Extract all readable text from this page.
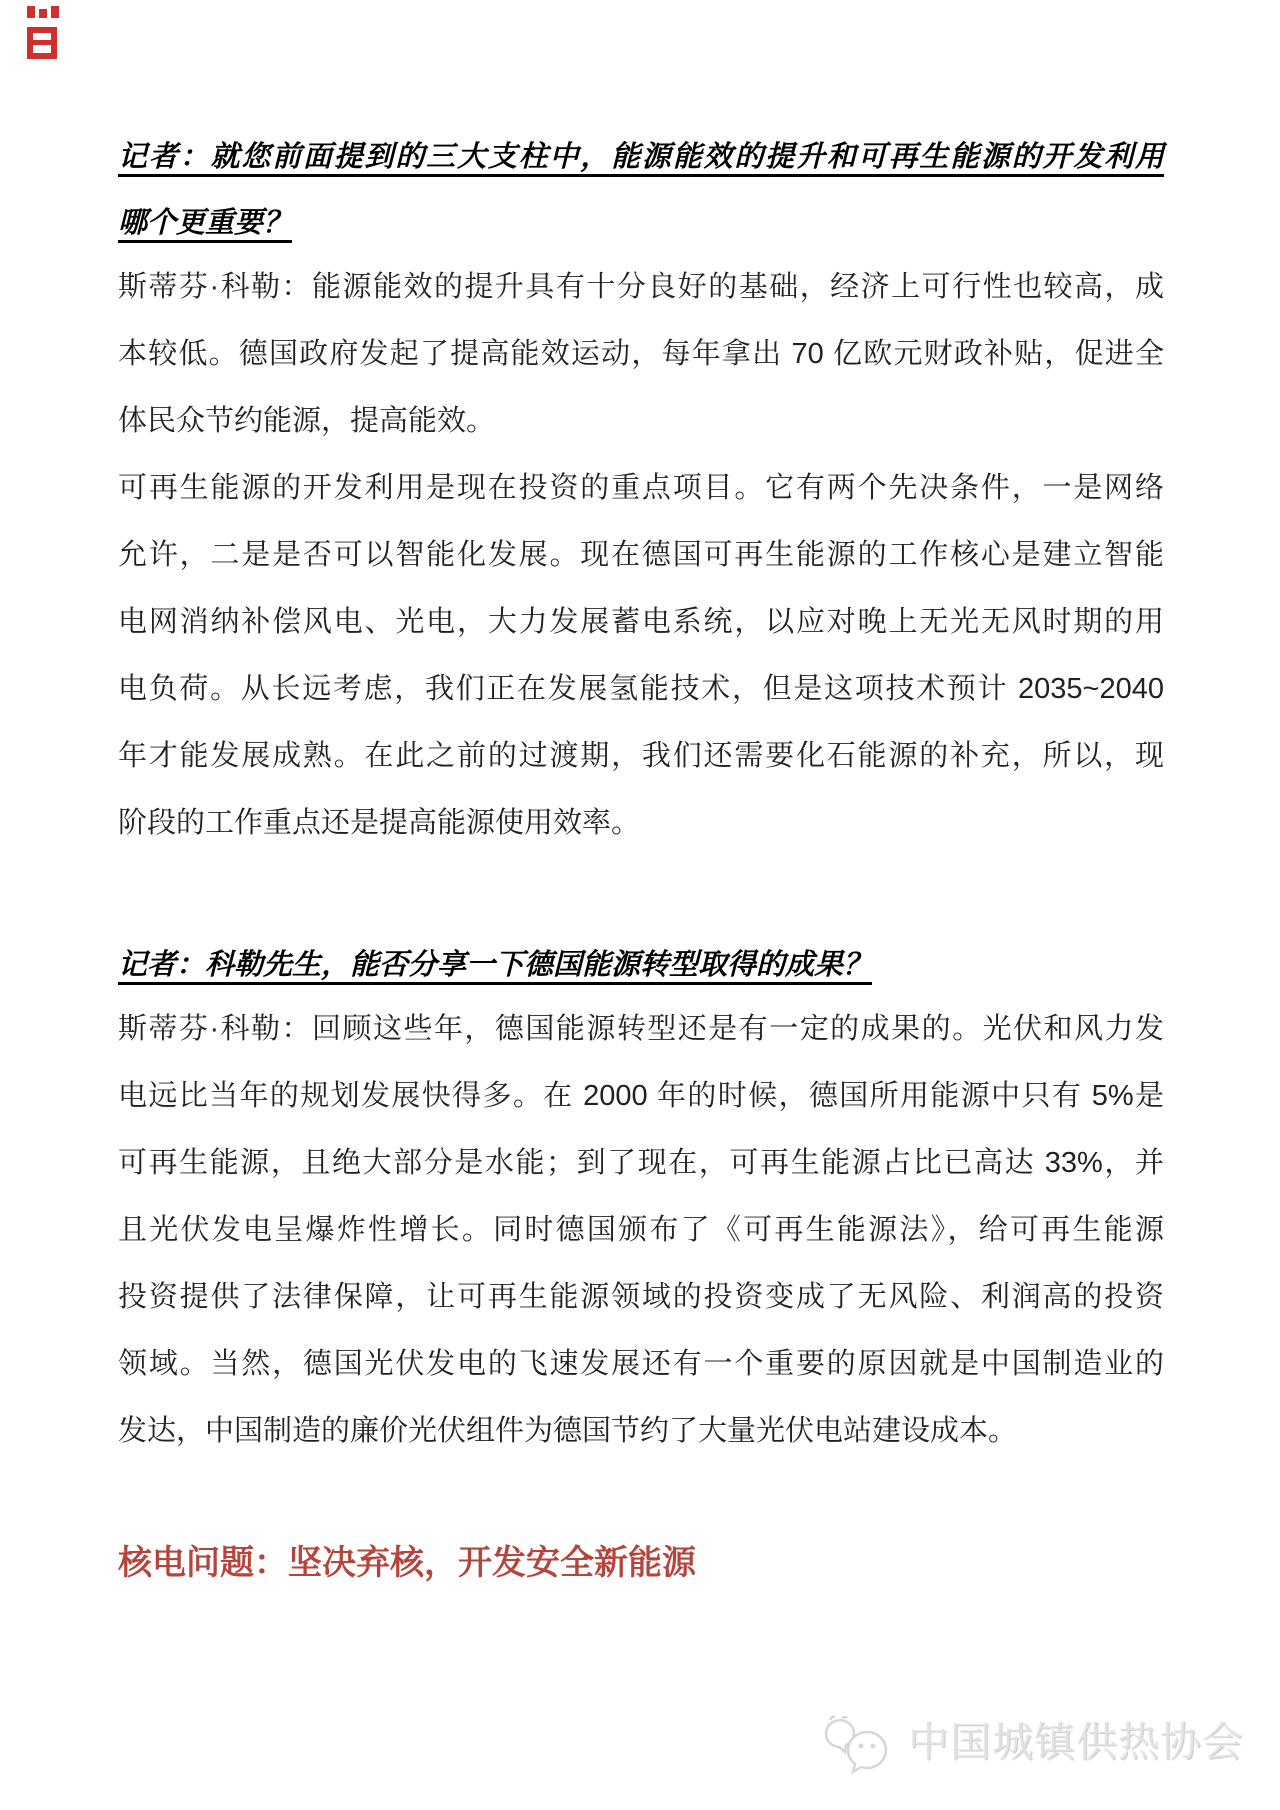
记者：就您前面提到的三大支柱中，能源能效的提升和可再生能源的开发利用
哪个更重要？
斯蒂芬·科勒：能源能效的提升具有十分良好的基础，经济上可行性也较高，成
本较低。德国政府发起了提高能效运动，每年拿出 70 亿欧元财政补贴，促进全
体民众节约能源，提高能效。
可再生能源的开发利用是现在投资的重点项目。它有两个先决条件，一是网络
允许，二是是否可以智能化发展。现在德国可再生能源的工作核心是建立智能
电网消纳补偿风电、光电，大力发展蓄电系统，以应对晚上无光无风时期的用
电负荷。从长远考虑，我们正在发展氢能技术，但是这项技术预计 2035~2040
年才能发展成熟。在此之前的过渡期，我们还需要化石能源的补充，所以，现
阶段的工作重点还是提高能源使用效率。
记者：科勒先生，能否分享一下德国能源转型取得的成果？
斯蒂芬·科勒：回顾这些年，德国能源转型还是有一定的成果的。光伏和风力发
电远比当年的规划发展快得多。在 2000 年的时候，德国所用能源中只有 5%是
可再生能源，且绝大部分是水能；到了现在，可再生能源占比已高达 33%，并
且光伏发电呈爆炸性增长。同时德国颁布了《可再生能源法》，给可再生能源
投资提供了法律保障，让可再生能源领域的投资变成了无风险、利润高的投资
领域。当然，德国光伏发电的飞速发展还有一个重要的原因就是中国制造业的
发达，中国制造的廉价光伏组件为德国节约了大量光伏电站建设成本。
核电问题：坚决弃核，开发安全新能源
中国城镇供热协会
